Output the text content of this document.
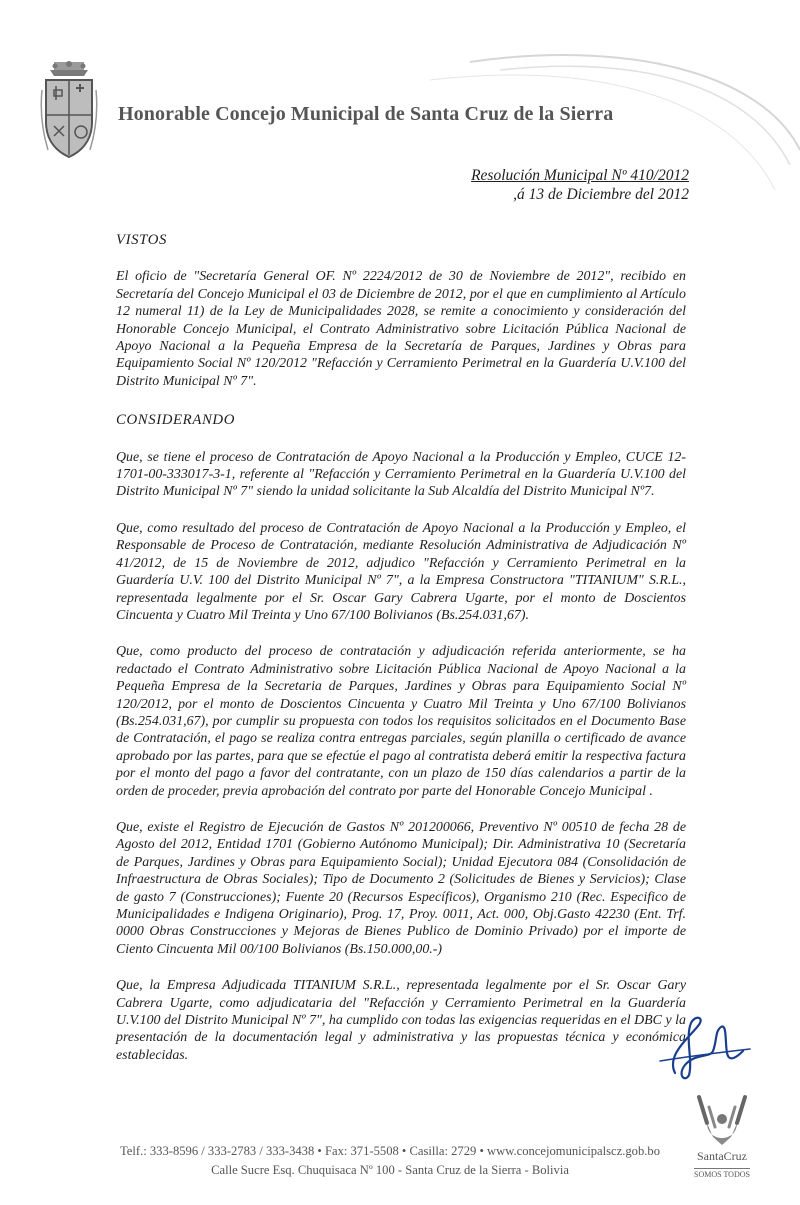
Honorable Concejo Municipal de Santa Cruz de la Sierra
Resolución Municipal Nº 410/2012
,á 13 de Diciembre del 2012
VISTOS

El oficio de "Secretaría General OF. Nº 2224/2012 de 30 de Noviembre de 2012", recibido en Secretaría del Concejo Municipal el 03 de Diciembre de 2012, por el que en cumplimiento al Artículo 12 numeral 11) de la Ley de Municipalidades 2028, se remite a conocimiento y consideración del Honorable Concejo Municipal, el Contrato Administrativo sobre Licitación Pública Nacional de Apoyo Nacional a la Pequeña Empresa de la Secretaría de Parques, Jardines y Obras para Equipamiento Social Nº 120/2012 "Refacción y Cerramiento Perimetral en la Guardería U.V.100 del Distrito Municipal Nº 7".

CONSIDERANDO

Que, se tiene el proceso de Contratación de Apoyo Nacional a la Producción y Empleo, CUCE 12-1701-00-333017-3-1, referente al "Refacción y Cerramiento Perimetral en la Guardería U.V.100 del Distrito Municipal Nº 7" siendo la unidad solicitante la Sub Alcaldía del Distrito Municipal Nº7.

Que, como resultado del proceso de Contratación de Apoyo Nacional a la Producción y Empleo, el Responsable de Proceso de Contratación, mediante Resolución Administrativa de Adjudicación Nº 41/2012, de 15 de Noviembre de 2012, adjudico "Refacción y Cerramiento Perimetral en la Guardería U.V. 100 del Distrito Municipal Nº 7", a la Empresa Constructora "TITANIUM" S.R.L., representada legalmente por el Sr. Oscar Gary Cabrera Ugarte, por el monto de Doscientos Cincuenta y Cuatro Mil Treinta y Uno 67/100 Bolivianos (Bs.254.031,67).

Que, como producto del proceso de contratación y adjudicación referida anteriormente, se ha redactado el Contrato Administrativo sobre Licitación Pública Nacional de Apoyo Nacional a la Pequeña Empresa de la Secretaria de Parques, Jardines y Obras para Equipamiento Social Nº 120/2012, por el monto de Doscientos Cincuenta y Cuatro Mil Treinta y Uno 67/100 Bolivianos (Bs.254.031,67), por cumplir su propuesta con todos los requisitos solicitados en el Documento Base de Contratación, el pago se realiza contra entregas parciales, según planilla o certificado de avance aprobado por las partes, para que se efectúe el pago al contratista deberá emitir la respectiva factura por el monto del pago a favor del contratante, con un plazo de 150 días calendarios a partir de la orden de proceder, previa aprobación del contrato por parte del Honorable Concejo Municipal .

Que, existe el Registro de Ejecución de Gastos Nº 201200066, Preventivo Nº 00510 de fecha 28 de Agosto del 2012, Entidad 1701 (Gobierno Autónomo Municipal); Dir. Administrativa 10 (Secretaría de Parques, Jardines y Obras para Equipamiento Social); Unidad Ejecutora 084 (Consolidación de Infraestructura de Obras Sociales); Tipo de Documento 2 (Solicitudes de Bienes y Servicios); Clase de gasto 7 (Construcciones); Fuente 20 (Recursos Específicos), Organismo 210 (Rec. Especifico de Municipalidades e Indigena Originario), Prog. 17, Proy. 0011, Act. 000, Obj.Gasto 42230 (Ent. Trf. 0000 Obras Construcciones y Mejoras de Bienes Publico de Dominio Privado) por el importe de Ciento Cincuenta Mil 00/100 Bolivianos (Bs.150.000,00.-)

Que, la Empresa Adjudicada TITANIUM S.R.L., representada legalmente por el Sr. Oscar Gary Cabrera Ugarte, como adjudicataria del "Refacción y Cerramiento Perimetral en la Guardería U.V.100 del Distrito Municipal Nº 7", ha cumplido con todas las exigencias requeridas en el DBC y la presentación de la documentación legal y administrativa y las propuestas técnica y económica establecidas.

Telf.: 333-8596 / 333-2783 / 333-3438 • Fax: 371-5508 • Casilla: 2729 • www.concejomunicipalscz.gob.bo
Calle Sucre Esq. Chuquisaca Nº 100 - Santa Cruz de la Sierra - Bolivia
SantaCruz
SOMOS TODOS
